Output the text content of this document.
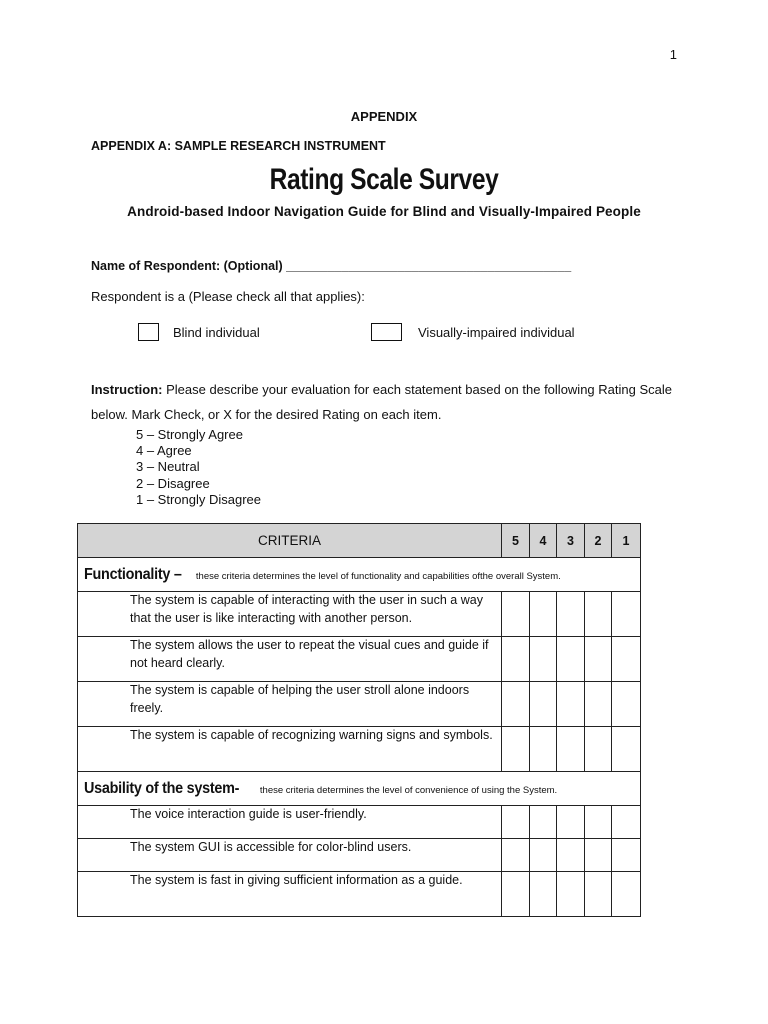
1
APPENDIX
APPENDIX A: SAMPLE RESEARCH INSTRUMENT
Rating Scale Survey
Android-based Indoor Navigation Guide for Blind and Visually-Impaired People
Name of Respondent: (Optional) _________________________________________
Respondent is a (Please check all that applies):
Blind individual	Visually-impaired individual
Instruction: Please describe your evaluation for each statement based on the following Rating Scale below. Mark Check, or X for the desired Rating on each item.
5 – Strongly Agree
4 – Agree
3 – Neutral
2 – Disagree
1 – Strongly Disagree
CRITERIA	5	4	3	2	1
Functionality – these criteria determines the level of functionality and capabilities ofthe overall System.					
The system is capable of interacting with the user in such a way that the user is like interacting with another person.					
The system allows the user to repeat the visual cues and guide if not heard clearly.					
The system is capable of helping the user stroll alone indoors freely.					
The system is capable of recognizing warning signs and symbols.					
Usability of the system- these criteria determines the level of convenience of using the System.					
The voice interaction guide is user-friendly.					
The system GUI is accessible for color-blind users.					
The system is fast in giving sufficient information as a guide.					
